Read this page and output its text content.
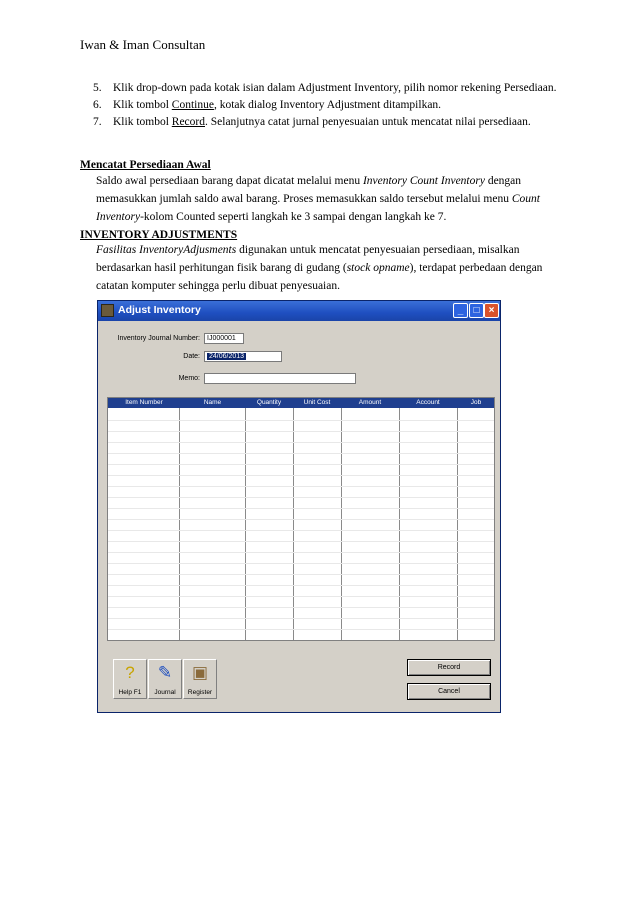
Iwan & Iman Consultan
5. Klik drop-down pada kotak isian dalam Adjustment Inventory, pilih nomor rekening Persediaan.
6. Klik tombol Continue, kotak dialog Inventory Adjustment ditampilkan.
7. Klik tombol Record. Selanjutnya catat jurnal penyesuaian untuk mencatat nilai persediaan.
Mencatat Persediaan Awal
Saldo awal persediaan barang dapat dicatat melalui menu Inventory Count Inventory dengan memasukkan jumlah saldo awal barang. Proses memasukkan saldo tersebut melalui menu Count Inventory-kolom Counted seperti langkah ke 3 sampai dengan langkah ke 7.
INVENTORY ADJUSTMENTS
Fasilitas InventoryAdjusments digunakan untuk mencatat penyesuaian persediaan, misalkan berdasarkan hasil perhitungan fisik barang di gudang (stock opname), terdapat perbedaan dengan catatan komputer sehingga perlu dibuat penyesuaian.
Adjust Inventory	_	□ ×
Inventory Journal Number:	IJ000001
Date:	24/06/2013
Memo:
Item Number	Name	Quantity	Unit Cost	Amount	Account	Job
?
Help F1
✎
Journal
▣
Register
Record
Cancel
